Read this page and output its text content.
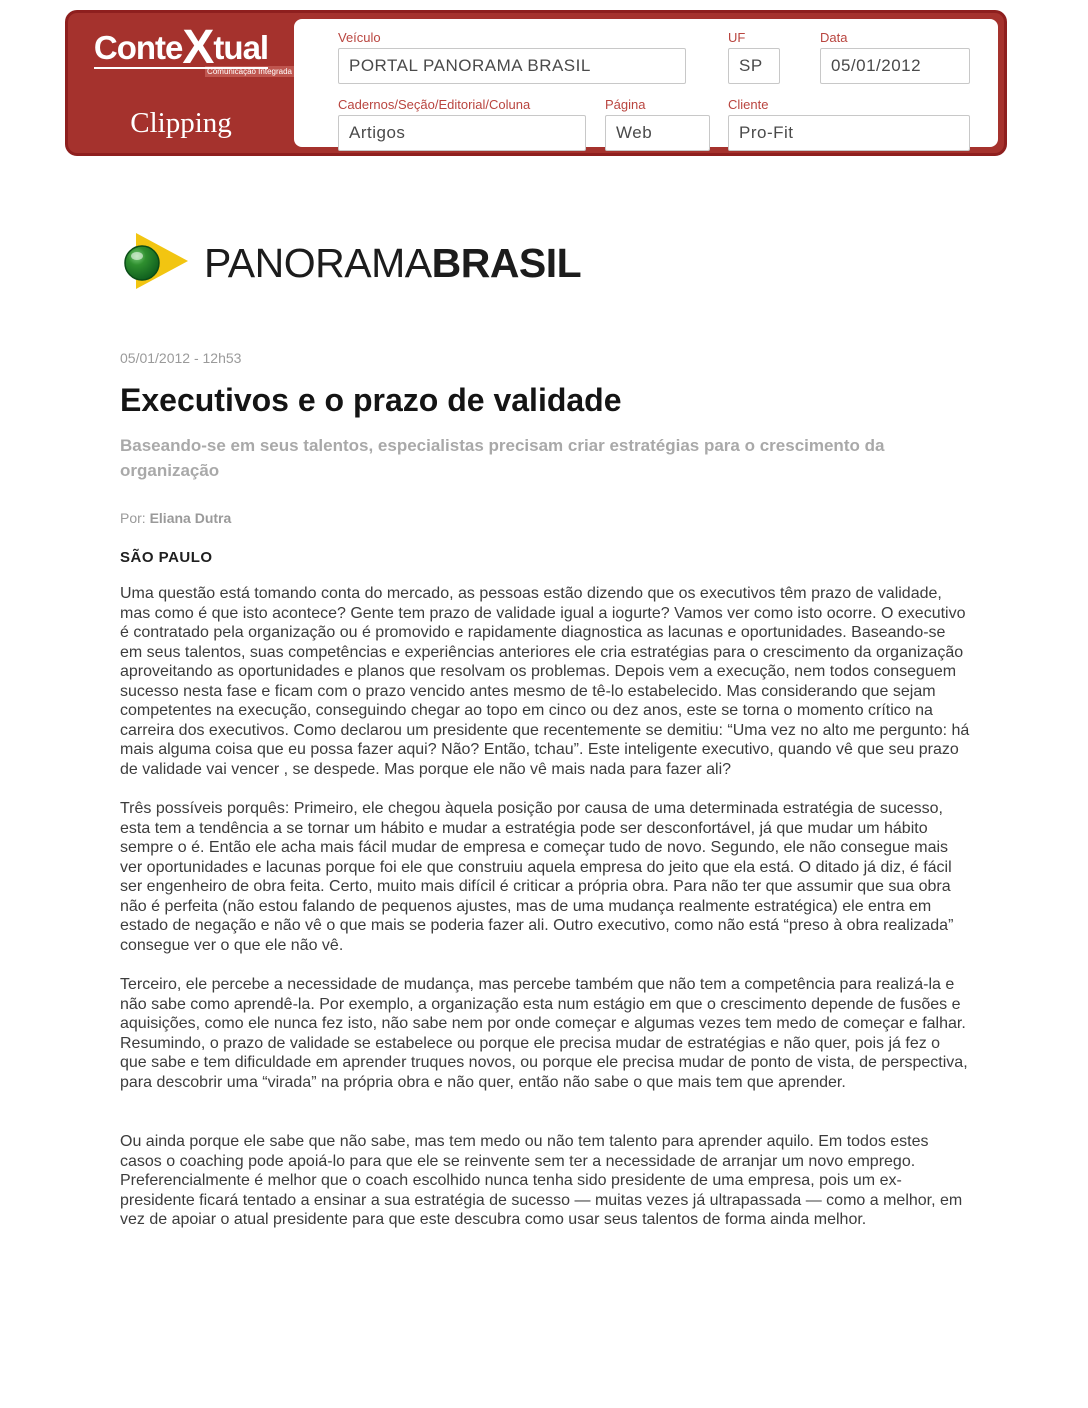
ConteXtual
Comunicação Integrada
Clipping
Veículo
PORTAL PANORAMA BRASIL
UF
SP
Data
05/01/2012
Cadernos/Seção/Editorial/Coluna
Artigos
Página
Web
Cliente
Pro-Fit
PANORAMABRASIL
05/01/2012 - 12h53
Executivos e o prazo de validade
Baseando-se em seus talentos, especialistas precisam criar estratégias para o crescimento da organização
Por: Eliana Dutra
SÃO PAULO

Uma questão está tomando conta do mercado, as pessoas estão dizendo que os executivos têm prazo de validade, mas como é que isto acontece? Gente tem prazo de validade igual a iogurte? Vamos ver como isto ocorre. O executivo é contratado pela organização ou é promovido e rapidamente diagnostica as lacunas e oportunidades. Baseando-se em seus talentos, suas competências e experiências anteriores ele cria estratégias para o crescimento da organização aproveitando as oportunidades e planos que resolvam os problemas. Depois vem a execução, nem todos conseguem sucesso nesta fase e ficam com o prazo vencido antes mesmo de tê-lo estabelecido. Mas considerando que sejam competentes na execução, conseguindo chegar ao topo em cinco ou dez anos, este se torna o momento crítico na carreira dos executivos. Como declarou um presidente que recentemente se demitiu: “Uma vez no alto me pergunto: há mais alguma coisa que eu possa fazer aqui? Não? Então, tchau”. Este inteligente executivo, quando vê que seu prazo de validade vai vencer , se despede. Mas porque ele não vê mais nada para fazer ali?

Três possíveis porquês: Primeiro, ele chegou àquela posição por causa de uma determinada estratégia de sucesso, esta tem a tendência a se tornar um hábito e mudar a estratégia pode ser desconfortável, já que mudar um hábito sempre o é. Então ele acha mais fácil mudar de empresa e começar tudo de novo. Segundo, ele não consegue mais ver oportunidades e lacunas porque foi ele que construiu aquela empresa do jeito que ela está. O ditado já diz, é fácil ser engenheiro de obra feita. Certo, muito mais difícil é criticar a própria obra. Para não ter que assumir que sua obra não é perfeita (não estou falando de pequenos ajustes, mas de uma mudança realmente estratégica) ele entra em estado de negação e não vê o que mais se poderia fazer ali. Outro executivo, como não está “preso à obra realizada” consegue ver o que ele não vê.

Terceiro, ele percebe a necessidade de mudança, mas percebe também que não tem a competência para realizá-la e não sabe como aprendê-la. Por exemplo, a organização esta num estágio em que o crescimento depende de fusões e aquisições, como ele nunca fez isto, não sabe nem por onde começar e algumas vezes tem medo de começar e falhar. Resumindo, o prazo de validade se estabelece ou porque ele precisa mudar de estratégias e não quer, pois já fez o que sabe e tem dificuldade em aprender truques novos, ou porque ele precisa mudar de ponto de vista, de perspectiva, para descobrir uma “virada” na própria obra e não quer, então não sabe o que mais tem que aprender.

Ou ainda porque ele sabe que não sabe, mas tem medo ou não tem talento para aprender aquilo. Em todos estes casos o coaching pode apoiá-lo para que ele se reinvente sem ter a necessidade de arranjar um novo emprego. Preferencialmente é melhor que o coach escolhido nunca tenha sido presidente de uma empresa, pois um ex-presidente ficará tentado a ensinar a sua estratégia de sucesso — muitas vezes já ultrapassada — como a melhor, em vez de apoiar o atual presidente para que este descubra como usar seus talentos de forma ainda melhor.
